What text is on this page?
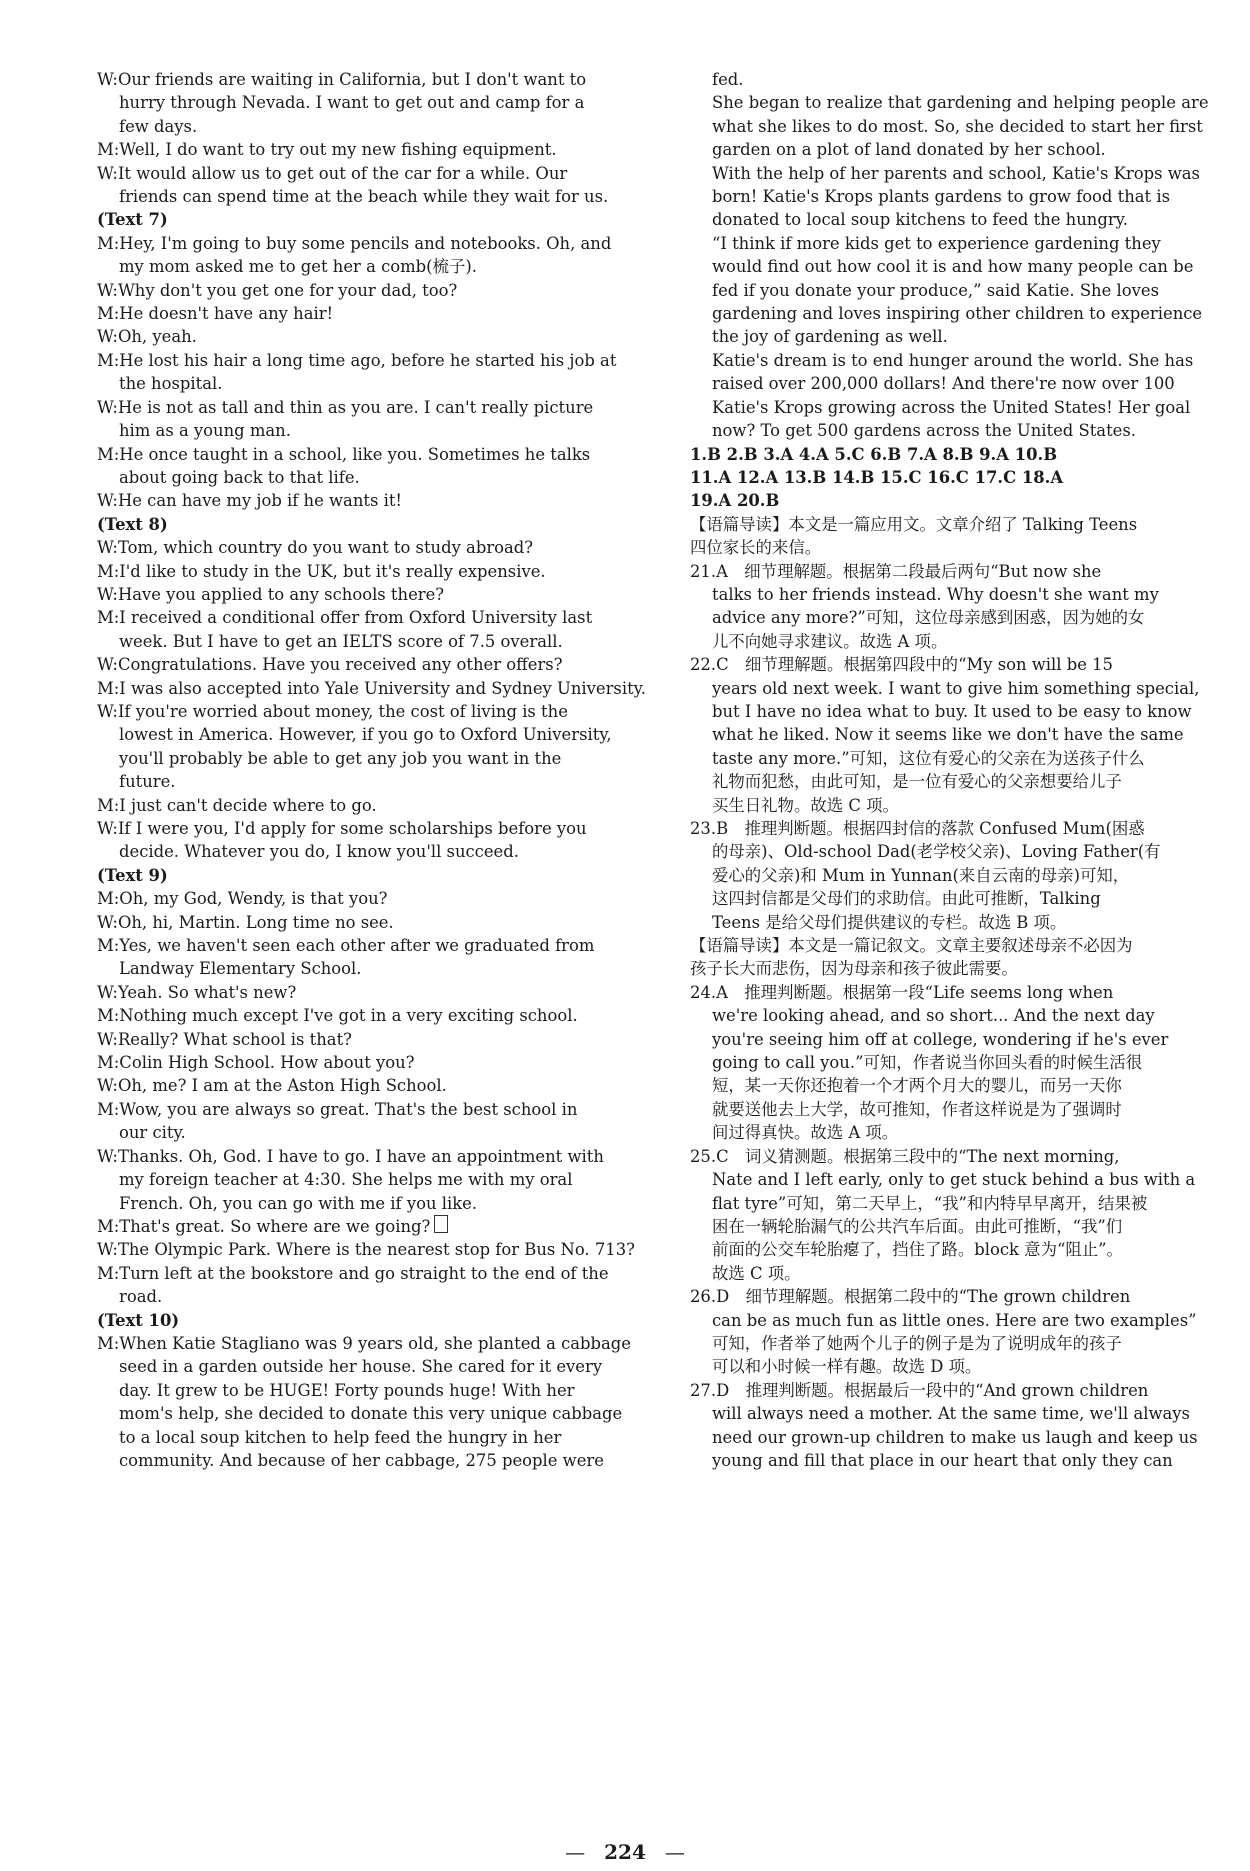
W:Our friends are waiting in California, but I don't want to
hurry through Nevada. I want to get out and camp for a
few days.
M:Well, I do want to try out my new fishing equipment.
W:It would allow us to get out of the car for a while. Our
friends can spend time at the beach while they wait for us.
(Text 7)
M:Hey, I'm going to buy some pencils and notebooks. Oh, and
my mom asked me to get her a comb(梳子).
W:Why don't you get one for your dad, too?
M:He doesn't have any hair!
W:Oh, yeah.
M:He lost his hair a long time ago, before he started his job at
the hospital.
W:He is not as tall and thin as you are. I can't really picture
him as a young man.
M:He once taught in a school, like you. Sometimes he talks
about going back to that life.
W:He can have my job if he wants it!
(Text 8)
W:Tom, which country do you want to study abroad?
M:I'd like to study in the UK, but it's really expensive.
W:Have you applied to any schools there?
M:I received a conditional offer from Oxford University last
week. But I have to get an IELTS score of 7.5 overall.
W:Congratulations. Have you received any other offers?
M:I was also accepted into Yale University and Sydney University.
W:If you're worried about money, the cost of living is the
lowest in America. However, if you go to Oxford University,
you'll probably be able to get any job you want in the
future.
M:I just can't decide where to go.
W:If I were you, I'd apply for some scholarships before you
decide. Whatever you do, I know you'll succeed.
(Text 9)
M:Oh, my God, Wendy, is that you?
W:Oh, hi, Martin. Long time no see.
M:Yes, we haven't seen each other after we graduated from
Landway Elementary School.
W:Yeah. So what's new?
M:Nothing much except I've got in a very exciting school.
W:Really? What school is that?
M:Colin High School. How about you?
W:Oh, me? I am at the Aston High School.
M:Wow, you are always so great. That's the best school in
our city.
W:Thanks. Oh, God. I have to go. I have an appointment with
my foreign teacher at 4:30. She helps me with my oral
French. Oh, you can go with me if you like.
M:That's great. So where are we going?
W:The Olympic Park. Where is the nearest stop for Bus No. 713?
M:Turn left at the bookstore and go straight to the end of the
road.
(Text 10)
M:When Katie Stagliano was 9 years old, she planted a cabbage
seed in a garden outside her house. She cared for it every
day. It grew to be HUGE! Forty pounds huge! With her
mom's help, she decided to donate this very unique cabbage
to a local soup kitchen to help feed the hungry in her
community. And because of her cabbage, 275 people were
fed.
She began to realize that gardening and helping people are
what she likes to do most. So, she decided to start her first
garden on a plot of land donated by her school.
With the help of her parents and school, Katie's Krops was
born! Katie's Krops plants gardens to grow food that is
donated to local soup kitchens to feed the hungry.
“I think if more kids get to experience gardening they
would find out how cool it is and how many people can be
fed if you donate your produce,” said Katie. She loves
gardening and loves inspiring other children to experience
the joy of gardening as well.
Katie's dream is to end hunger around the world. She has
raised over 200,000 dollars! And there're now over 100
Katie's Krops growing across the United States! Her goal
now? To get 500 gardens across the United States.
1.B 2.B 3.A 4.A 5.C 6.B 7.A 8.B 9.A 10.B
11.A 12.A 13.B 14.B 15.C 16.C 17.C 18.A
19.A 20.B
【语篇导读】本文是一篇应用文。文章介绍了 Talking Teens
四位家长的来信。
21.A　细节理解题。根据第二段最后两句“But now she
talks to her friends instead. Why doesn't she want my
advice any more?”可知，这位母亲感到困惑，因为她的女
儿不向她寻求建议。故选 A 项。
22.C　细节理解题。根据第四段中的“My son will be 15
years old next week. I want to give him something special,
but I have no idea what to buy. It used to be easy to know
what he liked. Now it seems like we don't have the same
taste any more.”可知，这位有爱心的父亲在为送孩子什么
礼物而犯愁，由此可知，是一位有爱心的父亲想要给儿子
买生日礼物。故选 C 项。
23.B　推理判断题。根据四封信的落款 Confused Mum(困惑
的母亲)、Old-school Dad(老学校父亲)、Loving Father(有
爱心的父亲)和 Mum in Yunnan(来自云南的母亲)可知，
这四封信都是父母们的求助信。由此可推断，Talking
Teens 是给父母们提供建议的专栏。故选 B 项。
【语篇导读】本文是一篇记叙文。文章主要叙述母亲不必因为
孩子长大而悲伤，因为母亲和孩子彼此需要。
24.A　推理判断题。根据第一段“Life seems long when
we're looking ahead, and so short... And the next day
you're seeing him off at college, wondering if he's ever
going to call you.”可知，作者说当你回头看的时候生活很
短，某一天你还抱着一个才两个月大的婴儿，而另一天你
就要送他去上大学，故可推知，作者这样说是为了强调时
间过得真快。故选 A 项。
25.C　词义猜测题。根据第三段中的“The next morning,
Nate and I left early, only to get stuck behind a bus with a
flat tyre”可知，第二天早上，“我”和内特早早离开，结果被
困在一辆轮胎漏气的公共汽车后面。由此可推断，“我”们
前面的公交车轮胎瘪了，挡住了路。block 意为“阻止”。
故选 C 项。
26.D　细节理解题。根据第二段中的“The grown children
can be as much fun as little ones. Here are two examples”
可知，作者举了她两个儿子的例子是为了说明成年的孩子
可以和小时候一样有趣。故选 D 项。
27.D　推理判断题。根据最后一段中的“And grown children
will always need a mother. At the same time, we'll always
need our grown-up children to make us laugh and keep us
young and fill that place in our heart that only they can
— 224 —
